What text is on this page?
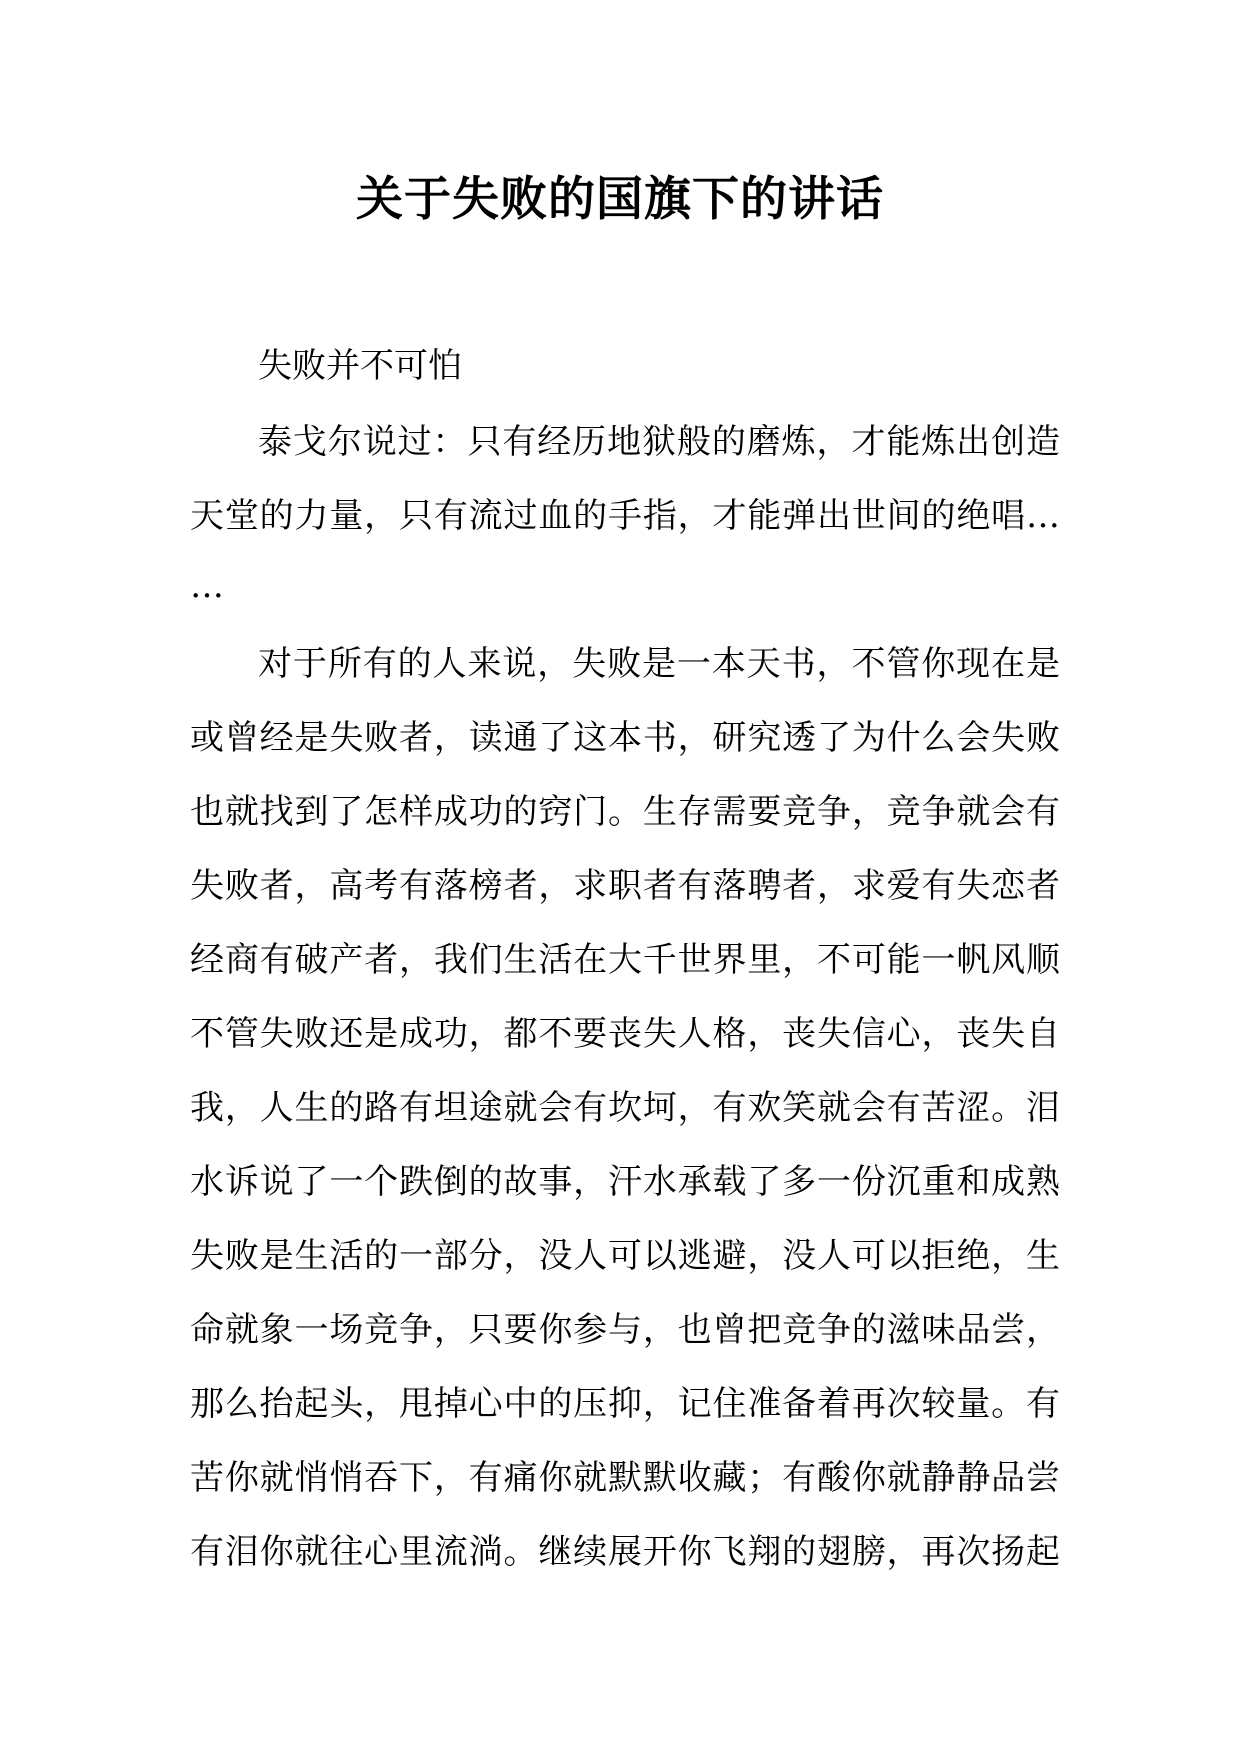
关于失败的国旗下的讲话
失败并不可怕
泰戈尔说过：只有经历地狱般的磨炼，才能炼出创造
天堂的力量，只有流过血的手指，才能弹出世间的绝唱…
…
对于所有的人来说，失败是一本天书，不管你现在是
或曾经是失败者，读通了这本书，研究透了为什么会失败
也就找到了怎样成功的窍门。生存需要竞争，竞争就会有
失败者，高考有落榜者，求职者有落聘者，求爱有失恋者
经商有破产者，我们生活在大千世界里，不可能一帆风顺
不管失败还是成功，都不要丧失人格，丧失信心，丧失自
我，人生的路有坦途就会有坎坷，有欢笑就会有苦涩。泪
水诉说了一个跌倒的故事，汗水承载了多一份沉重和成熟
失败是生活的一部分，没人可以逃避，没人可以拒绝，生
命就象一场竞争，只要你参与，也曾把竞争的滋味品尝，
那么抬起头，甩掉心中的压抑，记住准备着再次较量。有
苦你就悄悄吞下，有痛你就默默收藏；有酸你就静静品尝
有泪你就往心里流淌。继续展开你飞翔的翅膀，再次扬起
